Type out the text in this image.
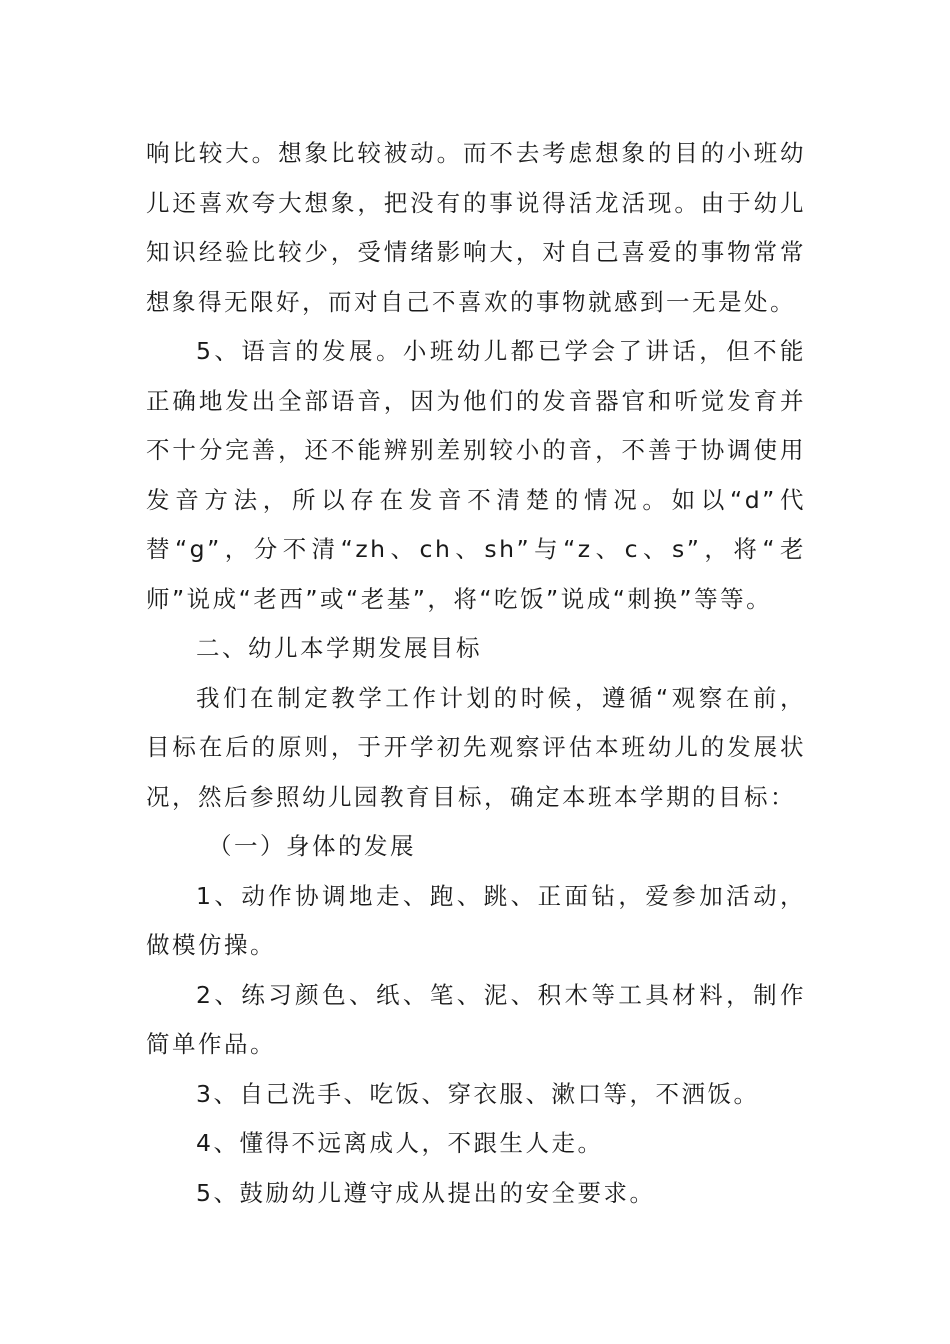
响比较大。想象比较被动。而不去考虑想象的目的小班幼儿还喜欢夸大想象，把没有的事说得活龙活现。由于幼儿知识经验比较少，受情绪影响大，对自己喜爱的事物常常想象得无限好，而对自己不喜欢的事物就感到一无是处。

5、语言的发展。小班幼儿都已学会了讲话，但不能正确地发出全部语音，因为他们的发音器官和听觉发育并不十分完善，还不能辨别差别较小的音，不善于协调使用发音方法，所以存在发音不清楚的情况。如以“d”代替“g”，分不清“zh、ch、sh”与“z、c、s”，将“老师”说成“老西”或“老基”，将“吃饭”说成“刺换”等等。

二、幼儿本学期发展目标

我们在制定教学工作计划的时候，遵循“观察在前，目标在后的原则，于开学初先观察评估本班幼儿的发展状况，然后参照幼儿园教育目标，确定本班本学期的目标：

（一）身体的发展

1、动作协调地走、跑、跳、正面钻，爱参加活动，做模仿操。

2、练习颜色、纸、笔、泥、积木等工具材料，制作简单作品。

3、自己洗手、吃饭、穿衣服、漱口等，不洒饭。

4、懂得不远离成人，不跟生人走。

5、鼓励幼儿遵守成从提出的安全要求。
